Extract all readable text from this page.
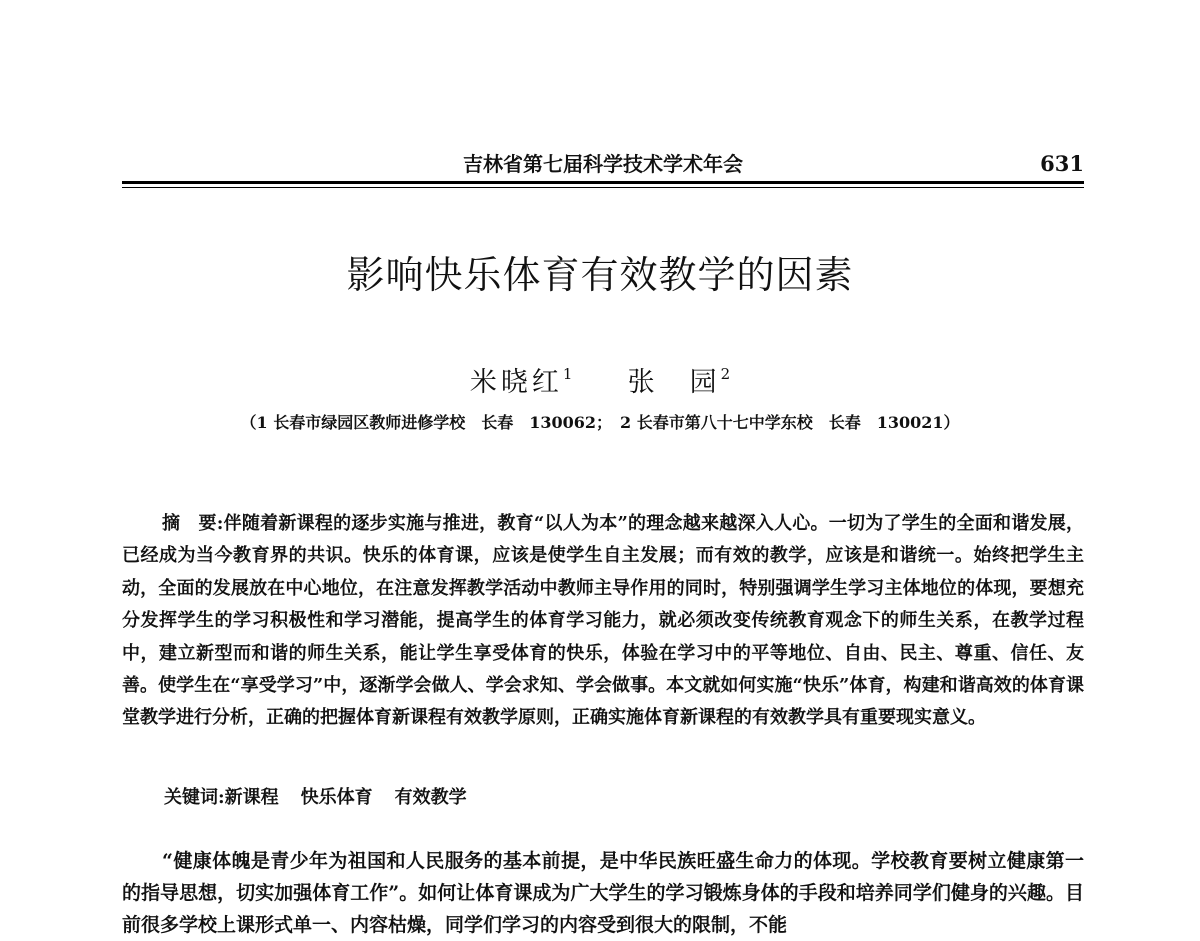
吉林省第七届科学技术学术年会	631
影响快乐体育有效教学的因素
米晓红$^1$ 张　园$^2$
（1 长春市绿园区教师进修学校　长春　130062；　2 长春市第八十七中学东校　长春　130021）
摘　要:伴随着新课程的逐步实施与推进，教育“以人为本”的理念越来越深入人心。一切为了学生的全面和谐发展，已经成为当今教育界的共识。快乐的体育课，应该是使学生自主发展；而有效的教学，应该是和谐统一。始终把学生主动，全面的发展放在中心地位，在注意发挥教学活动中教师主导作用的同时，特别强调学生学习主体地位的体现，要想充分发挥学生的学习积极性和学习潜能，提高学生的体育学习能力，就必须改变传统教育观念下的师生关系，在教学过程中，建立新型而和谐的师生关系，能让学生享受体育的快乐，体验在学习中的平等地位、自由、民主、尊重、信任、友善。使学生在“享受学习”中，逐渐学会做人、学会求知、学会做事。本文就如何实施“快乐”体育，构建和谐高效的体育课堂教学进行分析，正确的把握体育新课程有效教学原则，正确实施体育新课程的有效教学具有重要现实意义。
关键词:新课程 快乐体育 有效教学
“健康体魄是青少年为祖国和人民服务的基本前提，是中华民族旺盛生命力的体现。学校教育要树立健康第一的指导思想，切实加强体育工作”。如何让体育课成为广大学生的学习锻炼身体的手段和培养同学们健身的兴趣。目前很多学校上课形式单一、内容枯燥，同学们学习的内容受到很大的限制，不能
